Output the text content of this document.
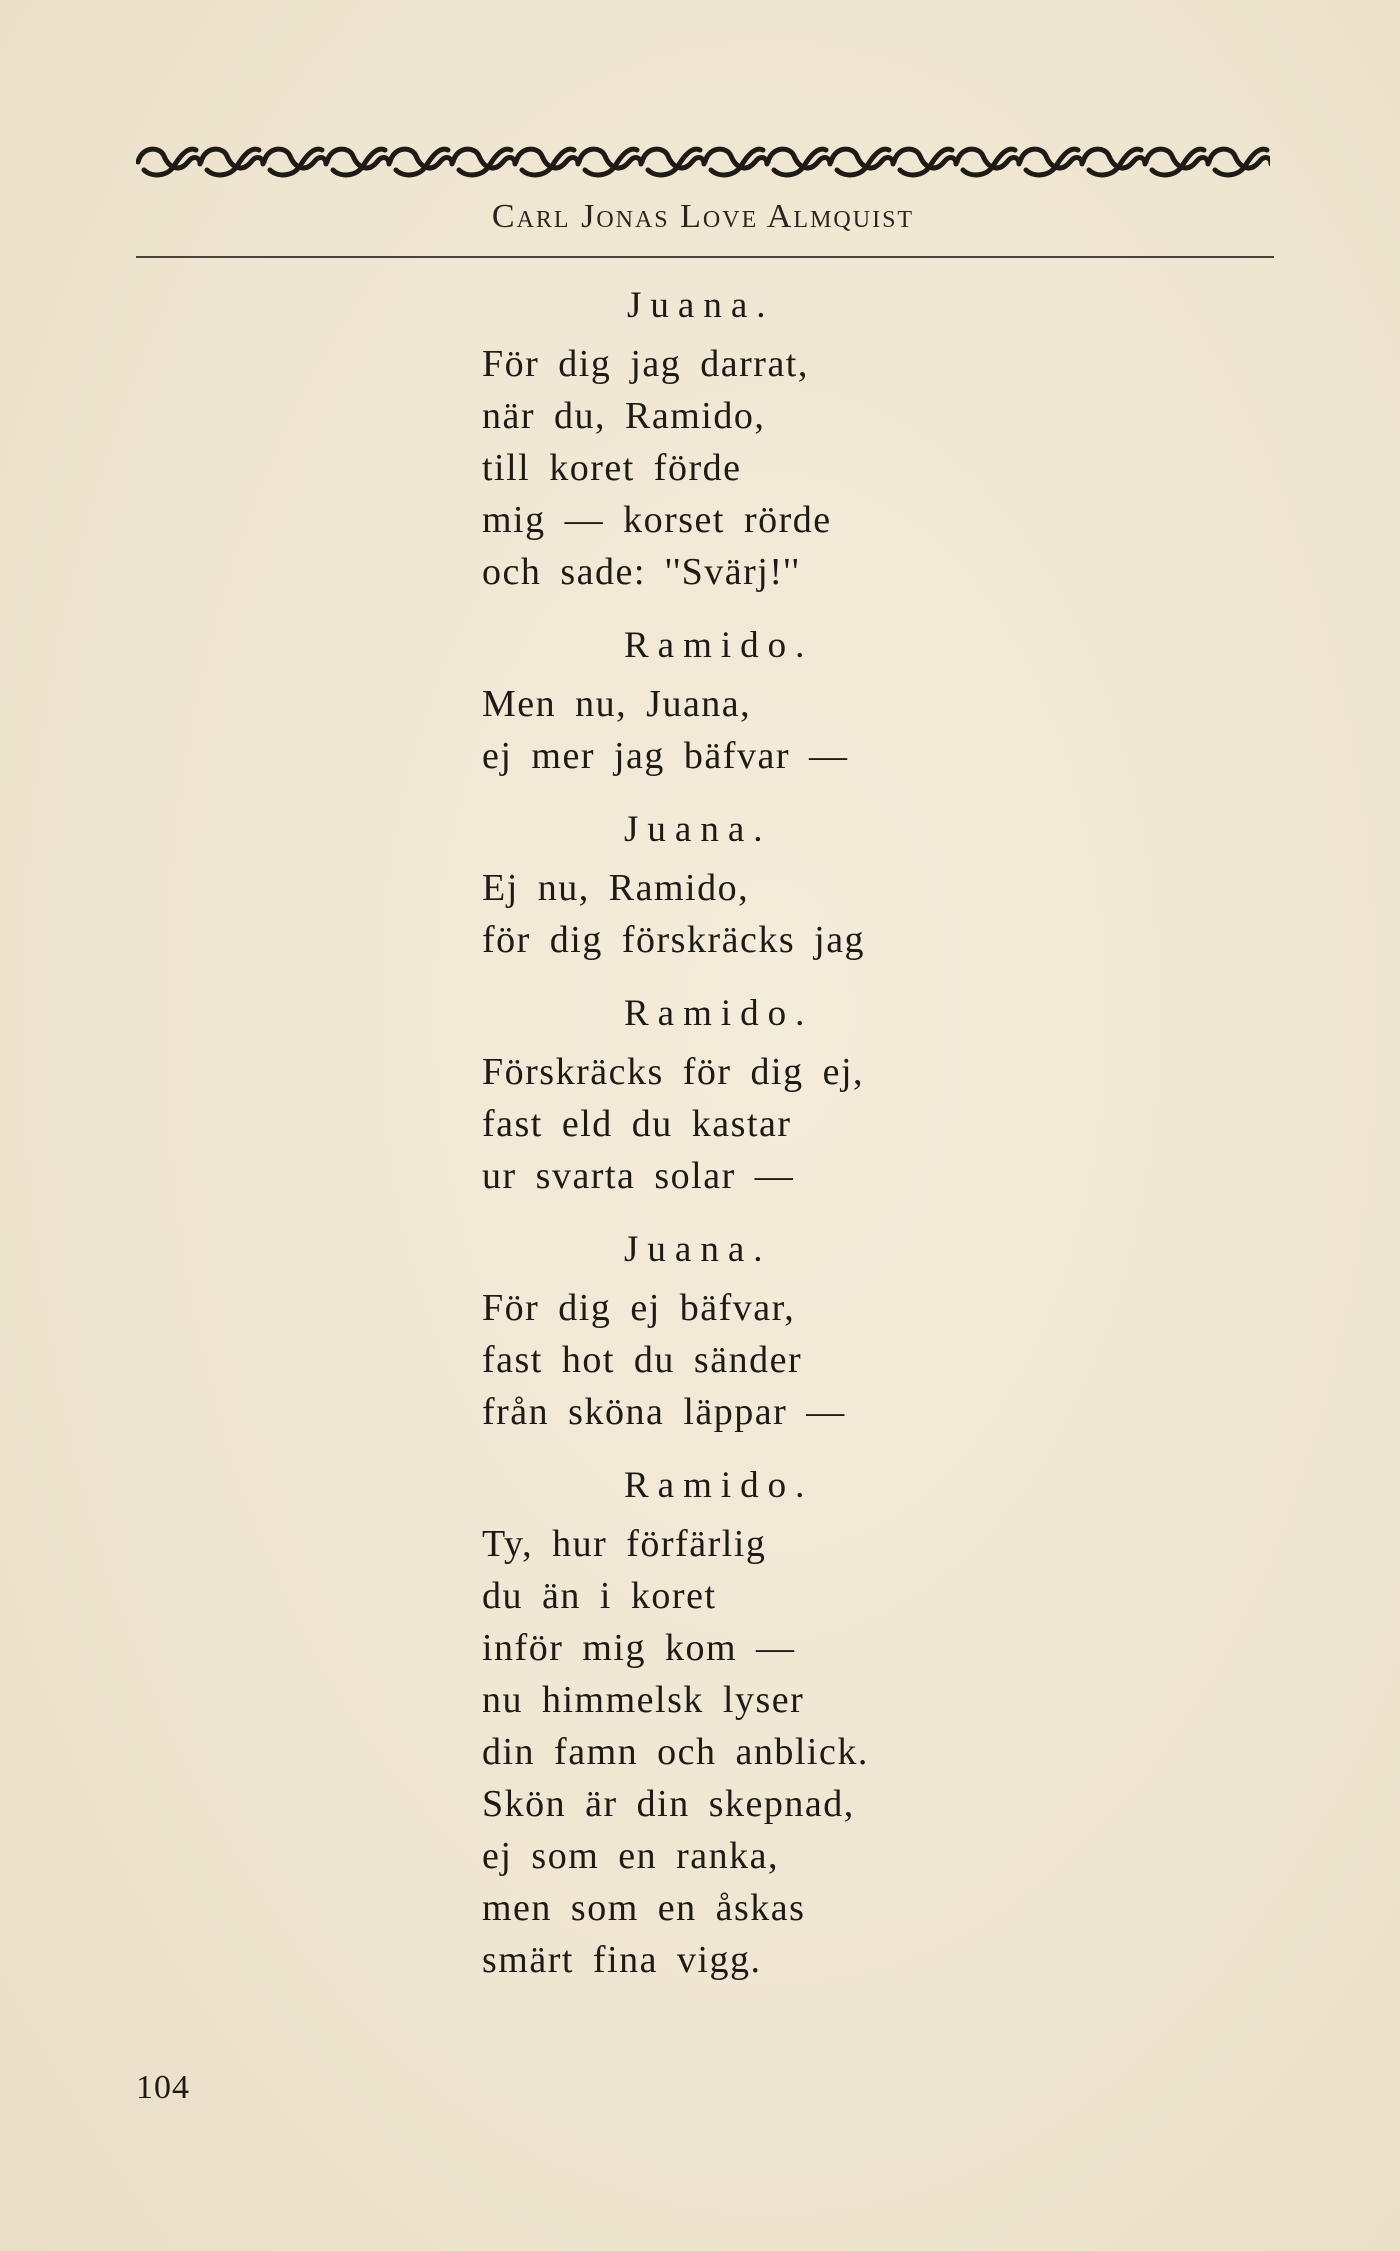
Carl Jonas Love Almquist
Juana.
För dig jag darrat,
när du, Ramido,
till koret förde
mig — korset rörde
och sade: ''Svärj!''
Ramido.
Men nu, Juana,
ej mer jag bäfvar —
Juana.
Ej nu, Ramido,
för dig förskräcks jag
Ramido.
Förskräcks för dig ej,
fast eld du kastar
ur svarta solar —
Juana.
För dig ej bäfvar,
fast hot du sänder
från sköna läppar —
Ramido.
Ty, hur förfärlig
du än i koret
inför mig kom —
nu himmelsk lyser
din famn och anblick.
Skön är din skepnad,
ej som en ranka,
men som en åskas
smärt fina vigg.
104
